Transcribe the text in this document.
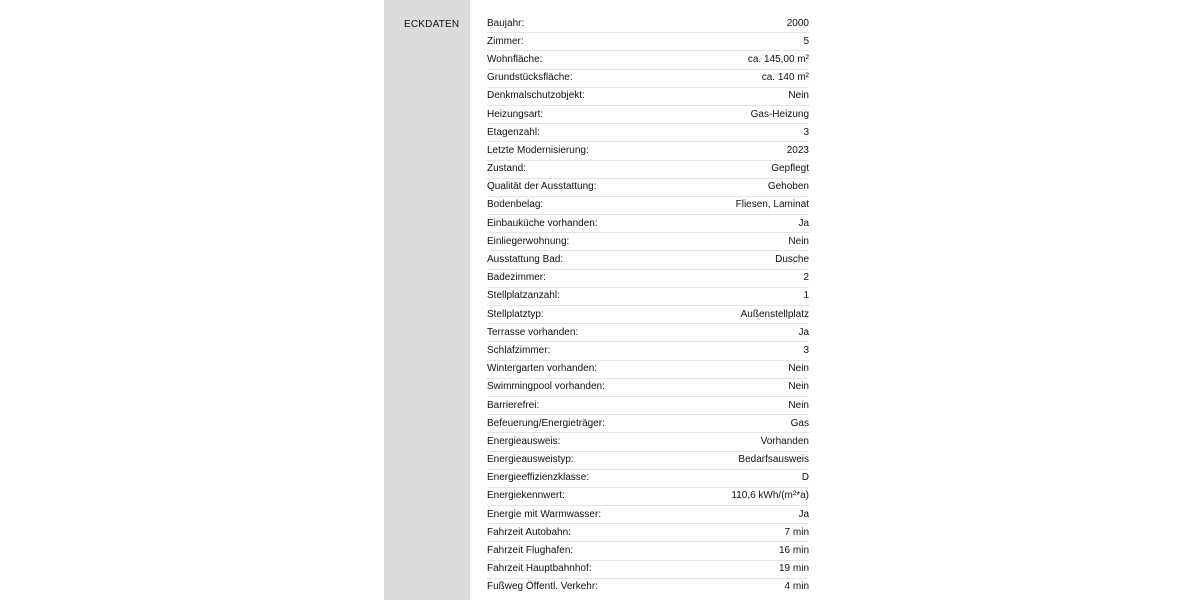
ECKDATEN	Baujahr:	2000
Zimmer:	5
Wohnfläche:	ca. 145,00 m²
Grundstücksfläche:	ca. 140 m²
Denkmalschutzobjekt:	Nein
Heizungsart:	Gas-Heizung
Etagenzahl:	3
Letzte Modernisierung:	2023
Zustand:	Gepflegt
Qualität der Ausstattung:	Gehoben
Bodenbelag:	Fliesen, Laminat
Einbauküche vorhanden:	Ja
Einliegerwohnung:	Nein
Ausstattung Bad:	Dusche
Badezimmer:	2
Stellplatzanzahl:	1
Stellplatztyp:	Außenstellplatz
Terrasse vorhanden:	Ja
Schlafzimmer:	3
Wintergarten vorhanden:	Nein
Swimmingpool vorhanden:	Nein
Barrierefrei:	Nein
Befeuerung/Energieträger:	Gas
Energieausweis:	Vorhanden
Energieausweistyp:	Bedarfsausweis
Energieeffizienzklasse:	D
Energiekennwert:	110,6 kWh/(m²*a)
Energie mit Warmwasser:	Ja
Fahrzeit Autobahn:	7 min
Fahrzeit Flughafen:	16 min
Fahrzeit Hauptbahnhof:	19 min
Fußweg Öffentl. Verkehr:	4 min
